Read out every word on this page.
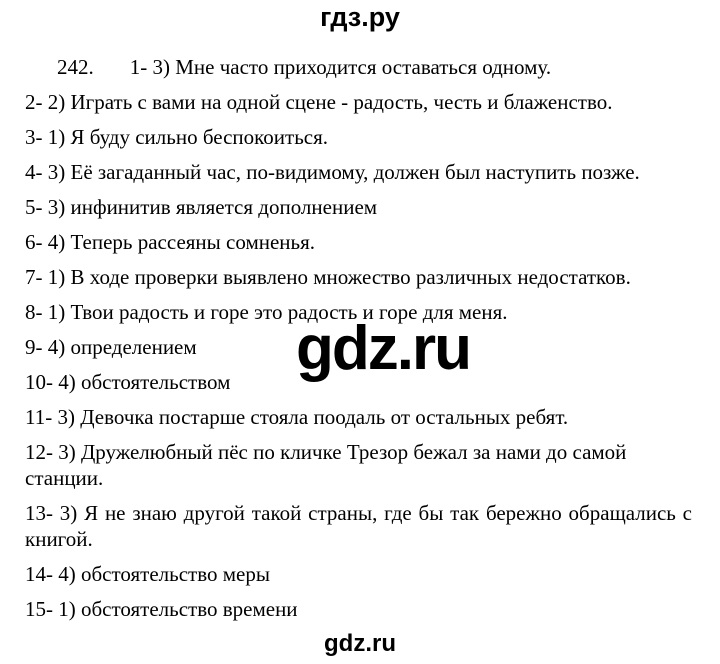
гдз.ру

242. 1- 3) Мне часто приходится оставаться одному.

2- 2) Играть с вами на одной сцене - радость, честь и блаженство.

3- 1) Я буду сильно беспокоиться.

4- 3) Её загаданный час, по-видимому, должен был наступить позже.

5- 3) инфинитив является дополнением

6- 4) Теперь рассеяны сомненья.

7- 1) В ходе проверки выявлено множество различных недостатков.

8- 1) Твои радость и горе это радость и горе для меня.

9- 4) определением

10- 4) обстоятельством

11- 3) Девочка постарше стояла поодаль от остальных ребят.

12- 3) Дружелюбный пёс по кличке Трезор бежал за нами до самой станции.

13- 3) Я не знаю другой такой страны, где бы так бережно обращались с
книгой.

14- 4) обстоятельство меры

15- 1) обстоятельство времени

gdz.ru
gdz.ru
